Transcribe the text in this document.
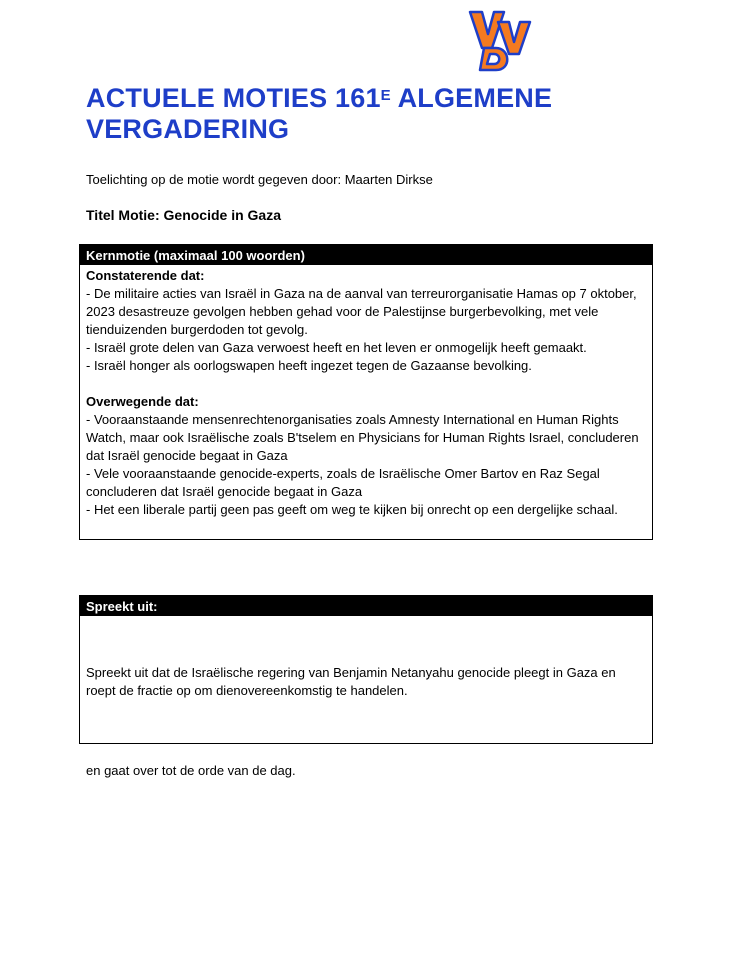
ACTUELE MOTIES $161^E$ ALGEMENE VERGADERING
Toelichting op de motie wordt gegeven door: Maarten Dirkse
Titel Motie: Genocide in Gaza
Kernmotie (maximaal 100 woorden)

Constaterende dat:

- De militaire acties van Israël in Gaza na de aanval van terreurorganisatie Hamas op 7 oktober, 2023 desastreuze gevolgen hebben gehad voor de Palestijnse burgerbevolking, met vele tienduizenden burgerdoden tot gevolg.

- Israël grote delen van Gaza verwoest heeft en het leven er onmogelijk heeft gemaakt.

- Israël honger als oorlogswapen heeft ingezet tegen de Gazaanse bevolking.

Overwegende dat:

- Vooraanstaande mensenrechtenorganisaties zoals Amnesty International en Human Rights Watch, maar ook Israëlische zoals B'tselem en Physicians for Human Rights Israel, concluderen dat Israël genocide begaat in Gaza

- Vele vooraanstaande genocide-experts, zoals de Israëlische Omer Bartov en Raz Segal concluderen dat Israël genocide begaat in Gaza

- Het een liberale partij geen pas geeft om weg te kijken bij onrecht op een dergelijke schaal.

Spreekt uit:

Spreekt uit dat de Israëlische regering van Benjamin Netanyahu genocide pleegt in Gaza en roept de fractie op om dienovereenkomstig te handelen.

en gaat over tot de orde van de dag.
